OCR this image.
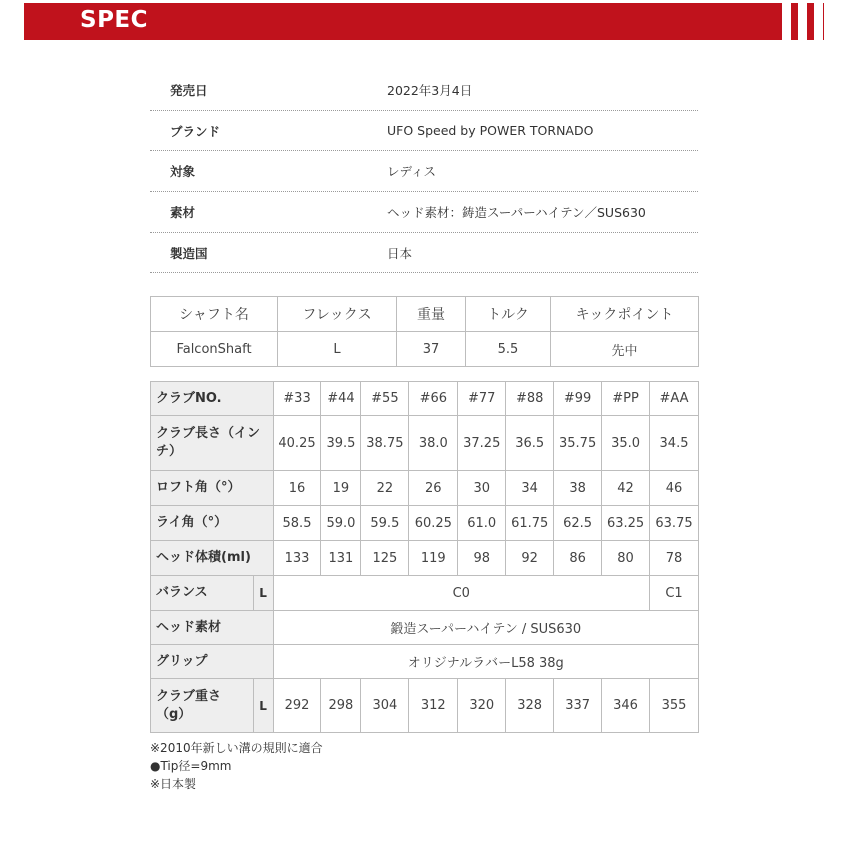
SPEC
発売日	2022年3月4日
ブランド	UFO Speed by POWER TORNADO
対象	レディス
素材	ヘッド素材：鋳造スーパーハイテン／SUS630
製造国	日本
シャフト名	フレックス	重量	トルク	キックポイント
FalconShaft	L	37	5.5	先中
クラブNO.		#33	#44	#55	#66	#77	#88	#99	#PP	#AA
クラブ長さ（イン
チ）		40.25	39.5	38.75	38.0	37.25	36.5	35.75	35.0	34.5
ロフト角（°）		16	19	22	26	30	34	38	42	46
ライ角（°）		58.5	59.0	59.5	60.25	61.0	61.75	62.5	63.25	63.75
ヘッド体積(ml)		133	131	125	119	98	92	86	80	78
バランス	L	C0								C1
ヘッド素材		鍛造スーパーハイテン / SUS630								
グリップ		オリジナルラバーL58 38g								
クラブ重さ
（g）	L	292	298	304	312	320	328	337	346	355
※2010年新しい溝の規則に適合
●Tip径=9mm
※日本製
